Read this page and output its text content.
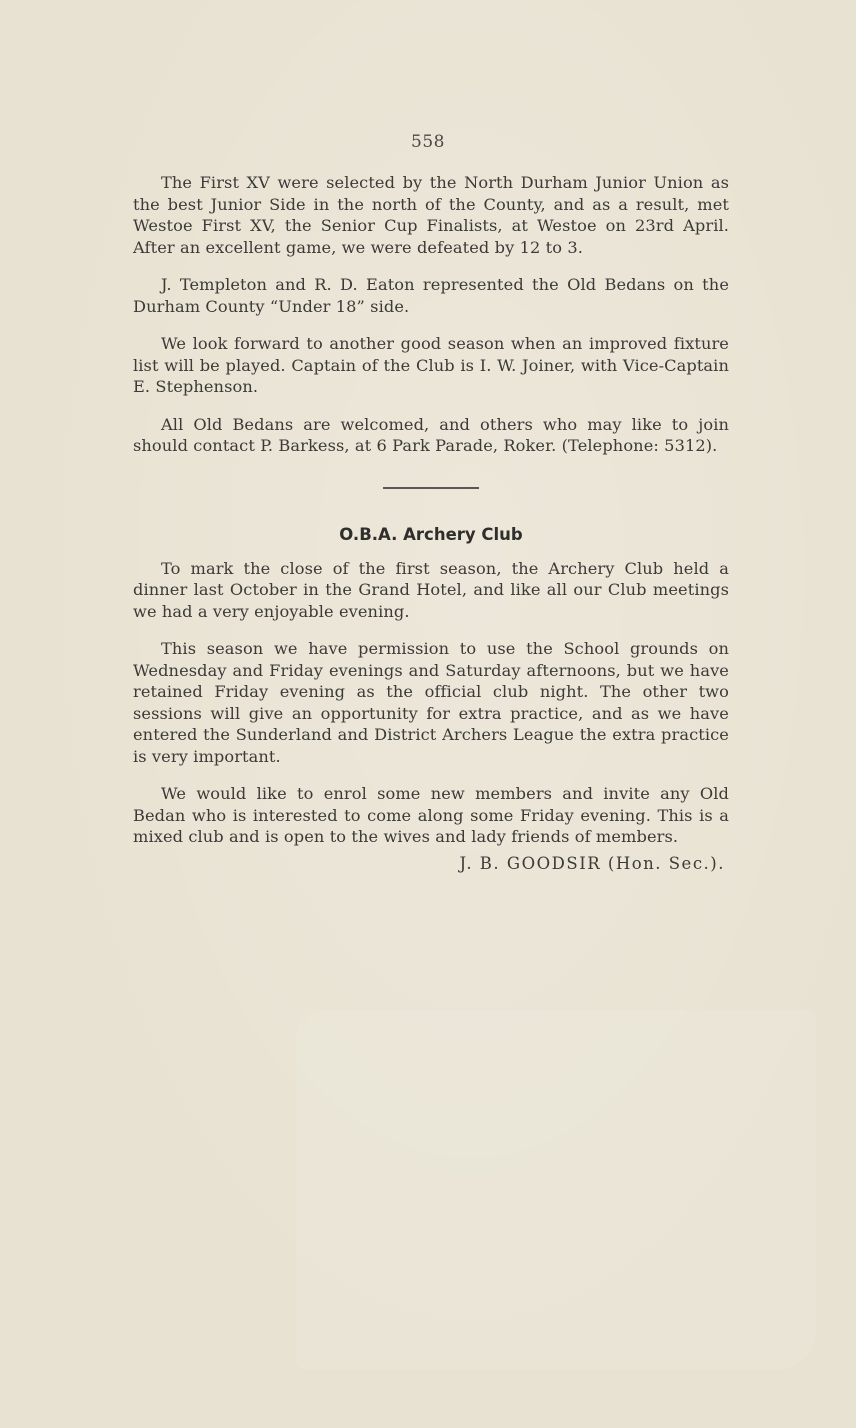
558

The First XV were selected by the North Durham Junior Union as the best Junior Side in the north of the County, and as a result, met Westoe First XV, the Senior Cup Finalists, at Westoe on 23rd April. After an excellent game, we were defeated by 12 to 3.

J. Templeton and R. D. Eaton represented the Old Bedans on the Durham County “Under 18” side.

We look forward to another good season when an improved fixture list will be played. Captain of the Club is I. W. Joiner, with Vice-Captain E. Stephenson.

All Old Bedans are welcomed, and others who may like to join should contact P. Barkess, at 6 Park Parade, Roker. (Telephone: 5312).

O.B.A. Archery Club

To mark the close of the first season, the Archery Club held a dinner last October in the Grand Hotel, and like all our Club meetings we had a very enjoyable evening.

This season we have permission to use the School grounds on Wednesday and Friday evenings and Saturday afternoons, but we have retained Friday evening as the official club night. The other two sessions will give an opportunity for extra practice, and as we have entered the Sunderland and District Archers League the extra practice is very important.

We would like to enrol some new members and invite any Old Bedan who is interested to come along some Friday evening. This is a mixed club and is open to the wives and lady friends of members.

J. B. GOODSIR (Hon. Sec.).
